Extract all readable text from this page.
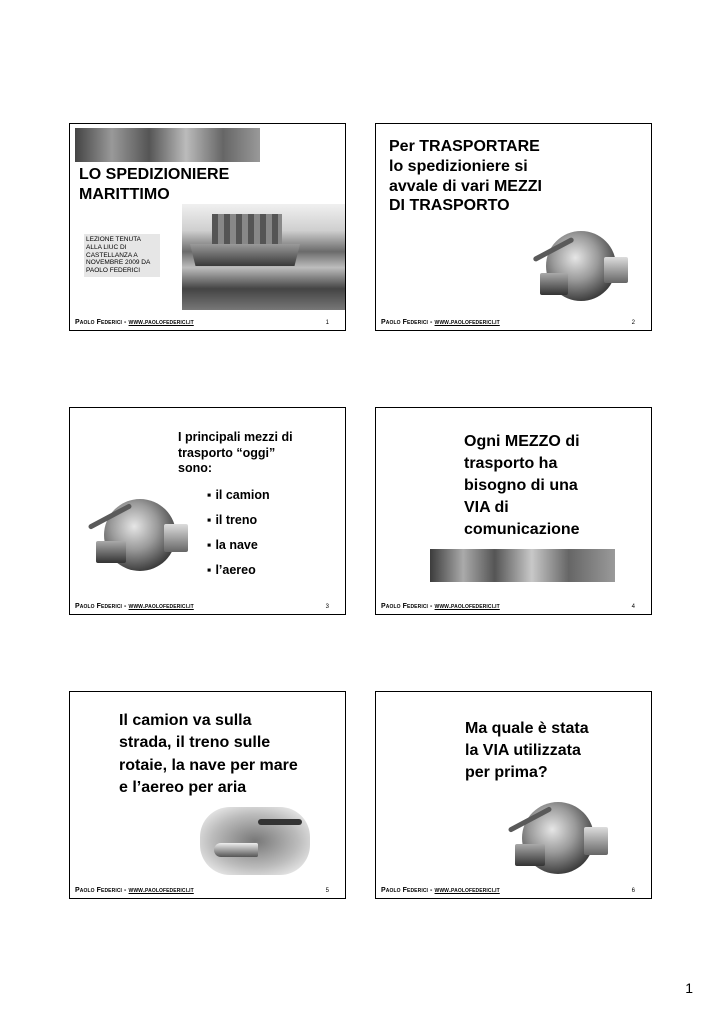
LO SPEDIZIONIERE
MARITTIMO
LEZIONE TENUTA ALLA LIUC DI CASTELLANZA A NOVEMBRE 2009 DA PAOLO FEDERICI
Paolo Federici - www.paolofederici.it	1
Per TRASPORTARE
lo spedizioniere si
avvale di vari MEZZI
DI TRASPORTO
Paolo Federici - www.paolofederici.it	2
I principali mezzi di
trasporto “oggi”
sono:
▪ il camion
▪ il treno
▪ la nave
▪ l’aereo
Paolo Federici - www.paolofederici.it	3
Ogni MEZZO di
trasporto ha
bisogno di una
VIA di
comunicazione
Paolo Federici - www.paolofederici.it	4
Il camion va sulla
strada, il treno sulle
rotaie, la nave per mare
e l’aereo per aria
Paolo Federici - www.paolofederici.it	5
Ma quale è stata
la VIA utilizzata
per prima?
Paolo Federici - www.paolofederici.it	6
1
